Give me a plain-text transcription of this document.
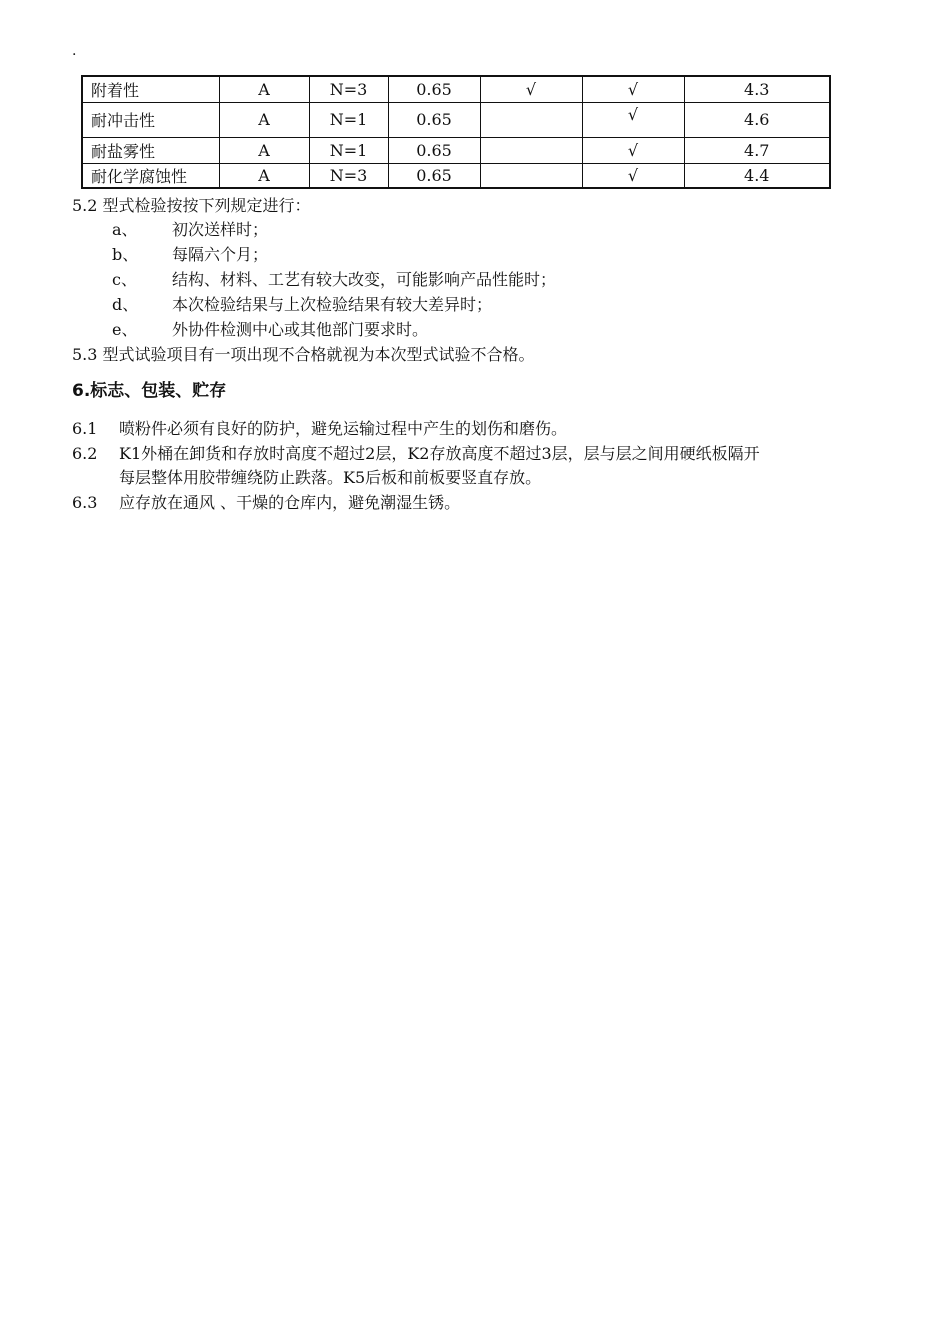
.
附着性	A	N=3	0.65	√	√	4.3
耐冲击性	A	N=1	0.65		√	4.6
耐盐雾性	A	N=1	0.65		√	4.7
耐化学腐蚀性	A	N=3	0.65		√	4.4
5.2 型式检验按按下列规定进行：
a、 初次送样时；
b、 每隔六个月；
c、 结构、材料、工艺有较大改变，可能影响产品性能时；
d、 本次检验结果与上次检验结果有较大差异时；
e、 外协件检测中心或其他部门要求时。
5.3 型式试验项目有一项出现不合格就视为本次型式试验不合格。
6.标志、包装、贮存
6.1 喷粉件必须有良好的防护，避免运输过程中产生的划伤和磨伤。
6.2 K1外桶在卸货和存放时高度不超过2层，K2存放高度不超过3层，层与层之间用硬纸板隔开
每层整体用胶带缠绕防止跌落。K5后板和前板要竖直存放。
6.3 应存放在通风 、干燥的仓库内，避免潮湿生锈。
